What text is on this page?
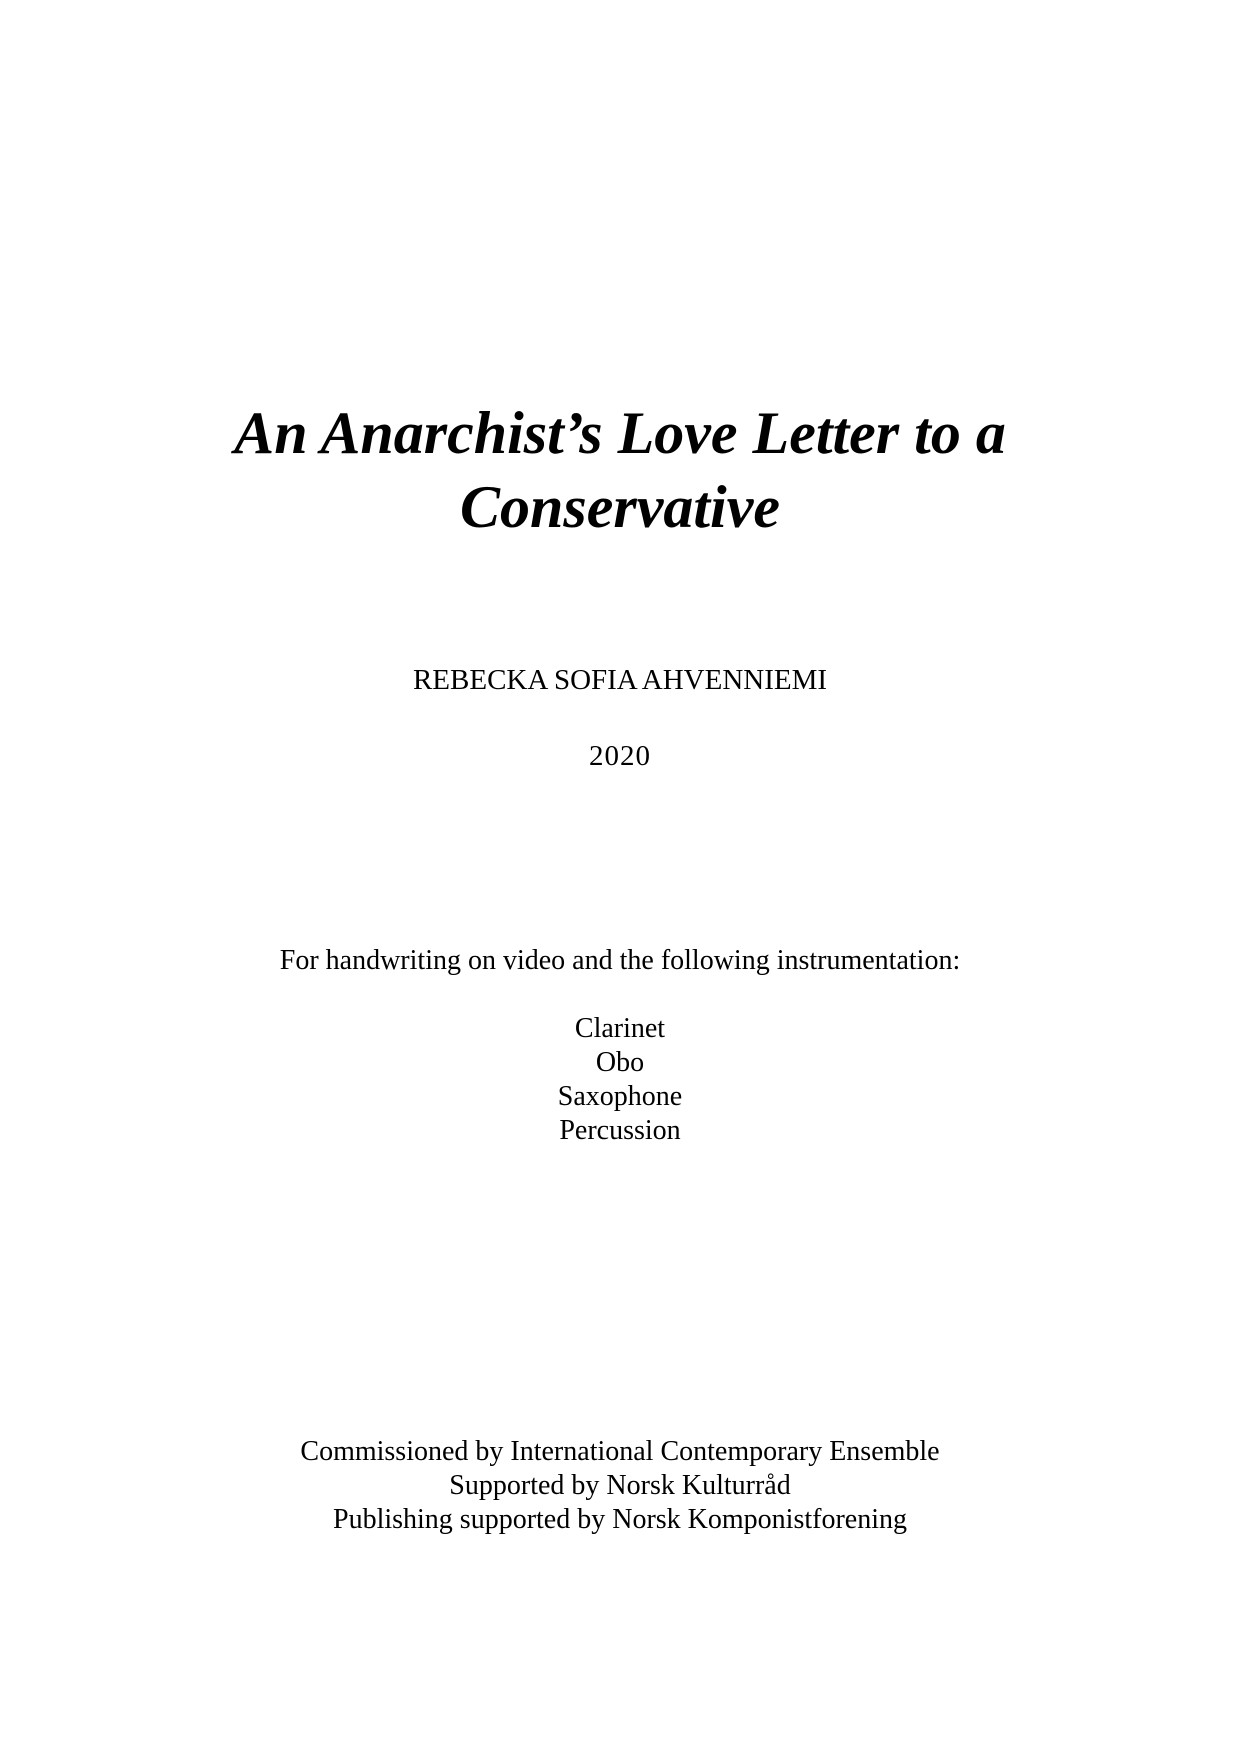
An Anarchist’s Love Letter to a
Conservative
REBECKA SOFIA AHVENNIEMI
2020
For handwriting on video and the following instrumentation:
Clarinet
Obo
Saxophone
Percussion
Commissioned by International Contemporary Ensemble
Supported by Norsk Kulturråd
Publishing supported by Norsk Komponistforening
